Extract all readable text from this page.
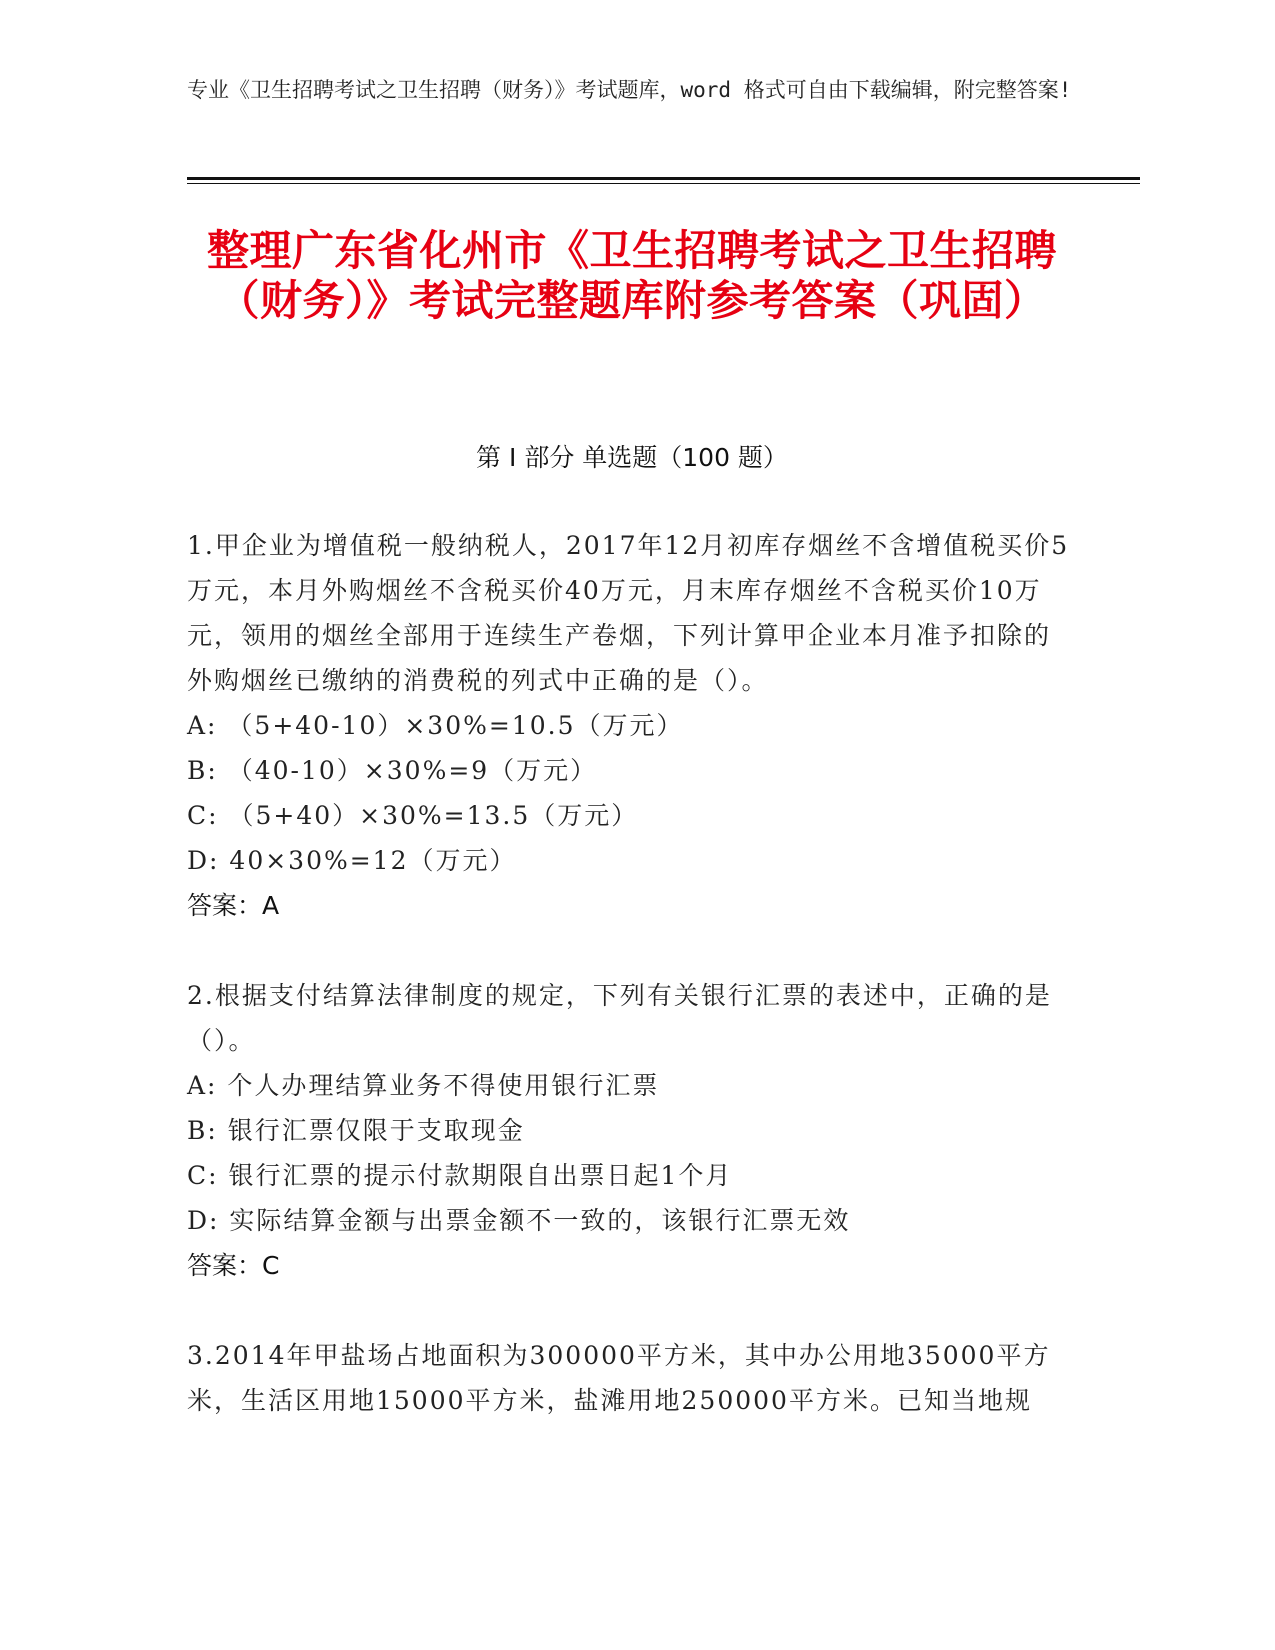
专业《卫生招聘考试之卫生招聘（财务）》考试题库，word 格式可自由下载编辑，附完整答案!
整理广东省化州市《卫生招聘考试之卫生招聘（财务）》考试完整题库附参考答案（巩固）
第 I 部分 单选题（100 题）

1.甲企业为增值税一般纳税人，2017年12月初库存烟丝不含增值税买价5万元，本月外购烟丝不含税买价40万元，月末库存烟丝不含税买价10万元，领用的烟丝全部用于连续生产卷烟，下列计算甲企业本月准予扣除的外购烟丝已缴纳的消费税的列式中正确的是（）。

A: （5+40-10）×30%=10.5（万元）

B: （40-10）×30%=9（万元）

C: （5+40）×30%=13.5（万元）

D: 40×30%=12（万元）

答案：A

2.根据支付结算法律制度的规定，下列有关银行汇票的表述中，正确的是（）。

A: 个人办理结算业务不得使用银行汇票

B: 银行汇票仅限于支取现金

C: 银行汇票的提示付款期限自出票日起1个月

D: 实际结算金额与出票金额不一致的，该银行汇票无效

答案：C

3.2014年甲盐场占地面积为300000平方米，其中办公用地35000平方米，生活区用地15000平方米，盐滩用地250000平方米。已知当地规
